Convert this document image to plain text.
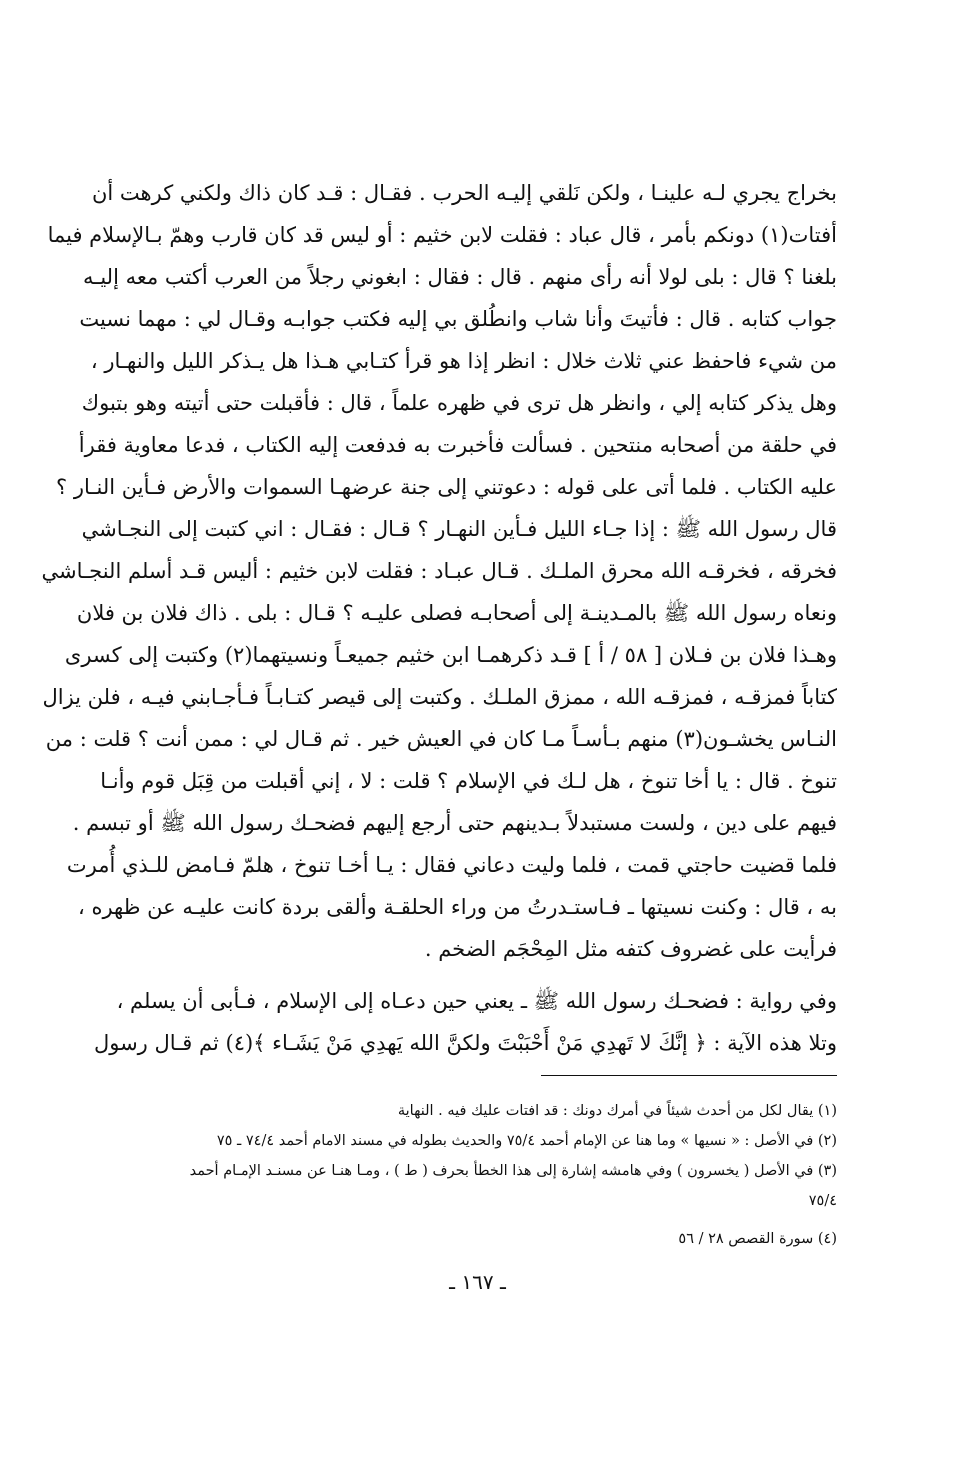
بخراج يجري لـه علينـا ، ولكن نَلقي إليـه الحرب . فقـال : قـد كان ذاك ولكني كرهت أن
أفتات(١) دونكم بأمر ، قال عباد : فقلت لابن خثيم : أو ليس قد كان قارب وهمّ بـالإسلام فيما
بلغنا ؟ قال : بلى لولا أنه رأى منهم . قال : فقال : ابغوني رجلاً من العرب أكتب معه إليـه
جواب كتابه . قال : فأتيتَ وأنا شاب وانطُلق بي إليه فكتب جوابـه وقـال لي : مهما نسيت
من شيء فاحفظ عني ثلاث خلال : انظر إذا هو قرأ كتـابي هـذا هل يـذكر الليل والنهـار ،
وهل يذكر كتابه إلي ، وانظر هل ترى في ظهره علماً ، قال : فأقبلت حتى أتيته وهو بتبوك
في حلقة من أصحابه منتحين . فسألت فأخبرت به فدفعت إليه الكتاب ، فدعا معاوية فقرأ
عليه الكتاب . فلما أتى على قوله : دعوتني إلى جنة عرضهـا السموات والأرض فـأين النـار ؟
قال رسول الله ﷺ : إذا جـاء الليل فـأين النهـار ؟ قـال : فقـال : اني كتبت إلى النجـاشي
فخرقه ، فخرقـه الله محرق الملـك . قـال عبـاد : فقلت لابن خثيم : أليس قـد أسلم النجـاشي
ونعاه رسول الله ﷺ بالمـدينـة إلى أصحابـه فصلى عليـه ؟ قـال : بلى . ذاك فلان بن فلان
وهـذا فلان بن فـلان [ ٥٨ / أ ] قـد ذكرهمـا ابن خثيم جميعـاً ونسيتهما(٢) وكتبت إلى كسرى
كتاباً فمزقـه ، فمزقـه الله ، ممزق الملـك . وكتبت إلى قيصر كتـابـاً فـأجـابني فيـه ، فلن يزال
النـاس يخشـون(٣) منهم بـأسـاً مـا كان في العيش خير . ثم قـال لي : ممن أنت ؟ قلت : من
تنوخ . قال : يا أخا تنوخ ، هل لـك في الإسلام ؟ قلت : لا ، إني أقبلت من قِبَل قوم وأنـا
فيهم على دين ، ولست مستبدلاً بـدينهم حتى أرجع إليهم فضحـك رسول الله ﷺ أو تبسم .
فلما قضيت حاجتي قمت ، فلما وليت دعاني فقال : يـا أخـا تنوخ ، هلمّ فـامض للـذي أُمرت
به ، قال : وكنت نسيتها ـ فـاستـدرتُ من وراء الحلقـة وألقى بردة كانت عليـه عن ظهره ،
فرأيت على غضروف كتفه مثل المِحْجَم الضخم .
وفي رواية : فضحـك رسول الله ﷺ ـ يعني حين دعـاه إلى الإسلام ، فـأبى أن يسلم ،
وتلا هذه الآية : ﴿ إنَّكَ لا تَهدِي مَنْ أَحْبَبْتَ ولكنَّ الله يَهدِي مَنْ يَشَـاء ﴾(٤) ثم قـال رسول
(١) يقال لكل من أحدث شيئاً في أمرك دونك : قد افتات عليك فيه . النهاية
(٢) في الأصل : « نسيها » وما هنا عن الإمام أحمد ٧٥/٤ والحديث بطوله في مسند الامام أحمد ٧٤/٤ ـ ٧٥
(٣) في الأصل ( يخسرون ) وفي هامشه إشارة إلى هذا الخطأ بحرف ( ط ) ، ومـا هنـا عن مسنـد الإمـام أحمد
٧٥/٤
(٤) سورة القصص ٢٨ / ٥٦
ـ ١٦٧ ـ
